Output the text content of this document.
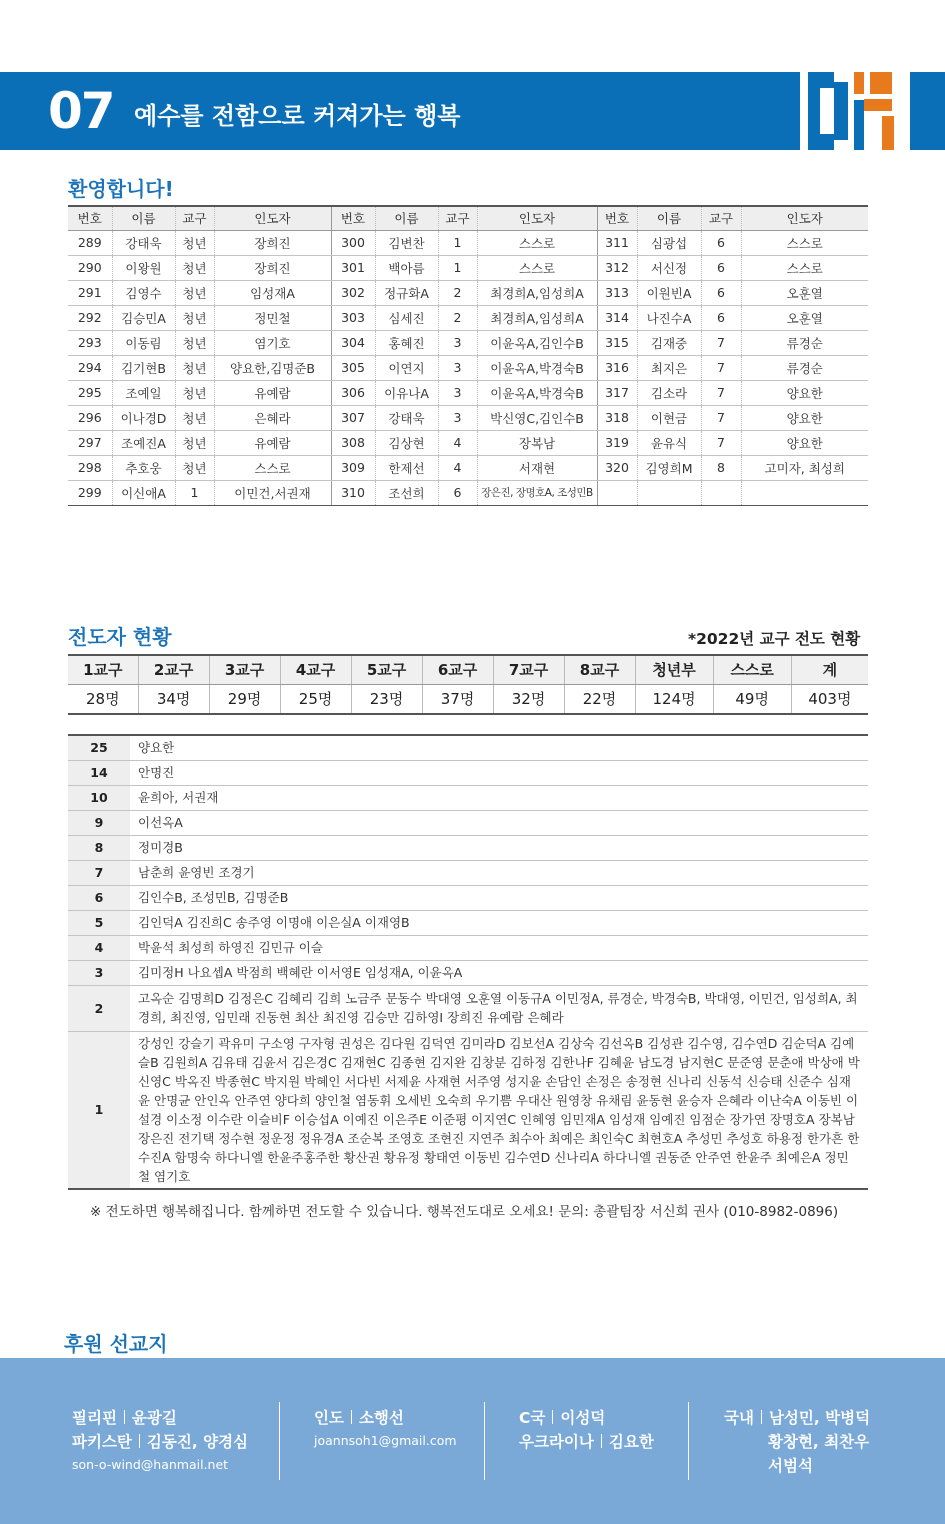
07 예수를 전함으로 커져가는 행복
환영합니다!
번호	이름	교구	인도자	번호	이름	교구	인도자	번호	이름	교구	인도자
289	강태욱	청년	장희진	300	김변찬	1	스스로	311	심광섭	6	스스로
290	이왕원	청년	장희진	301	백아름	1	스스로	312	서신정	6	스스로
291	김영수	청년	임성재A	302	정규화A	2	최경희A,임성희A	313	이원빈A	6	오훈열
292	김승민A	청년	정민철	303	심세진	2	최경희A,임성희A	314	나진수A	6	오훈열
293	이동림	청년	염기호	304	홍혜진	3	이윤옥A,김인수B	315	김재중	7	류경순
294	김기현B	청년	양요한,김명준B	305	이연지	3	이윤옥A,박경숙B	316	최지은	7	류경순
295	조예일	청년	유예람	306	이유나A	3	이윤옥A,박경숙B	317	김소라	7	양요한
296	이나경D	청년	은혜라	307	강태욱	3	박신영C,김인수B	318	이현금	7	양요한
297	조예진A	청년	유예람	308	김상현	4	장복남	319	윤유식	7	양요한
298	추호웅	청년	스스로	309	한제선	4	서재현	320	김영희M	8	고미자, 최성희
299	이신애A	1	이민건,서권재	310	조선희	6	장은진, 장명호A, 조성민B				
전도자 현황	*2022년 교구 전도 현황
1교구	2교구	3교구	4교구	5교구	6교구	7교구	8교구	청년부	스스로	계
28명	34명	29명	25명	23명	37명	32명	22명	124명	49명	403명
25	양요한
14	안명진
10	윤희아, 서권재
9	이선옥A
8	정미경B
7	남춘희 윤영빈 조경기
6	김인수B, 조성민B, 김명준B
5	김인덕A 김진희C 송주영 이명애 이은실A 이재영B
4	박윤석 최성희 하영진 김민규 이슬
3	김미정H 나요셉A 박점희 백혜란 이서영E 임성재A, 이윤옥A
2	고옥순 김명희D 김정은C 김혜리 김희 노금주 문동수 박대영 오훈열 이동규A 이민정A, 류경순, 박경숙B, 박대영, 이민건, 임성희A, 최경희, 최진영, 임민래 진동현 최산 최진영 김승만 김하영I 장희진 유예람 은혜라
1	강성인 강슬기 곽유미 구소영 구자형 권성은 김다원 김덕연 김미라D 김보선A 김상숙 김선옥B 김성관 김수영, 김수연D 김순덕A 김예슬B 김원희A 김유태 김윤서 김은경C 김재현C 김종현 김지완 김창분 김하정 김한나F 김혜윤 남도경 남지현C 문준영 문춘애 박상애 박신영C 박옥진 박종현C 박지원 박혜인 서다빈 서제윤 사재현 서주영 성지윤 손담인 손정은 송정현 신나리 신동석 신승태 신준수 심재윤 안명균 안인옥 안주연 양다희 양인철 염동휘 오세빈 오숙희 우기쁨 우대산 원영창 유채림 윤동현 윤승자 은혜라 이난숙A 이동빈 이설경 이소정 이수란 이슬비F 이승섭A 이예진 이은주E 이준평 이지연C 인혜영 임민재A 임성재 임예진 임점순 장가연 장명호A 장복남 장은진 전기택 정수현 정운정 정유경A 조순복 조영호 조현진 지연주 최수아 최예은 최인숙C 최현호A 추성민 추성호 하용정 한가흔 한수진A 함명숙 하다니엘 한윤주홍주한 황산권 황유정 황태연 이동빈 김수연D 신나리A 하다니엘 권동준 안주연 한윤주 최예은A 정민철 염기호
※ 전도하면 행복해집니다. 함께하면 전도할 수 있습니다. 행복전도대로 오세요! 문의: 총괄팀장 서신희 권사 (010-8982-0896)
후원 선교지
필리핀 윤광길
파키스탄 김동진, 양경심
son-o-wind@hanmail.net
인도 소행선
joannsoh1@gmail.com
C국 이성덕
우크라이나 김요한
국내 남성민, 박병덕
황창현, 최찬우
서범석
